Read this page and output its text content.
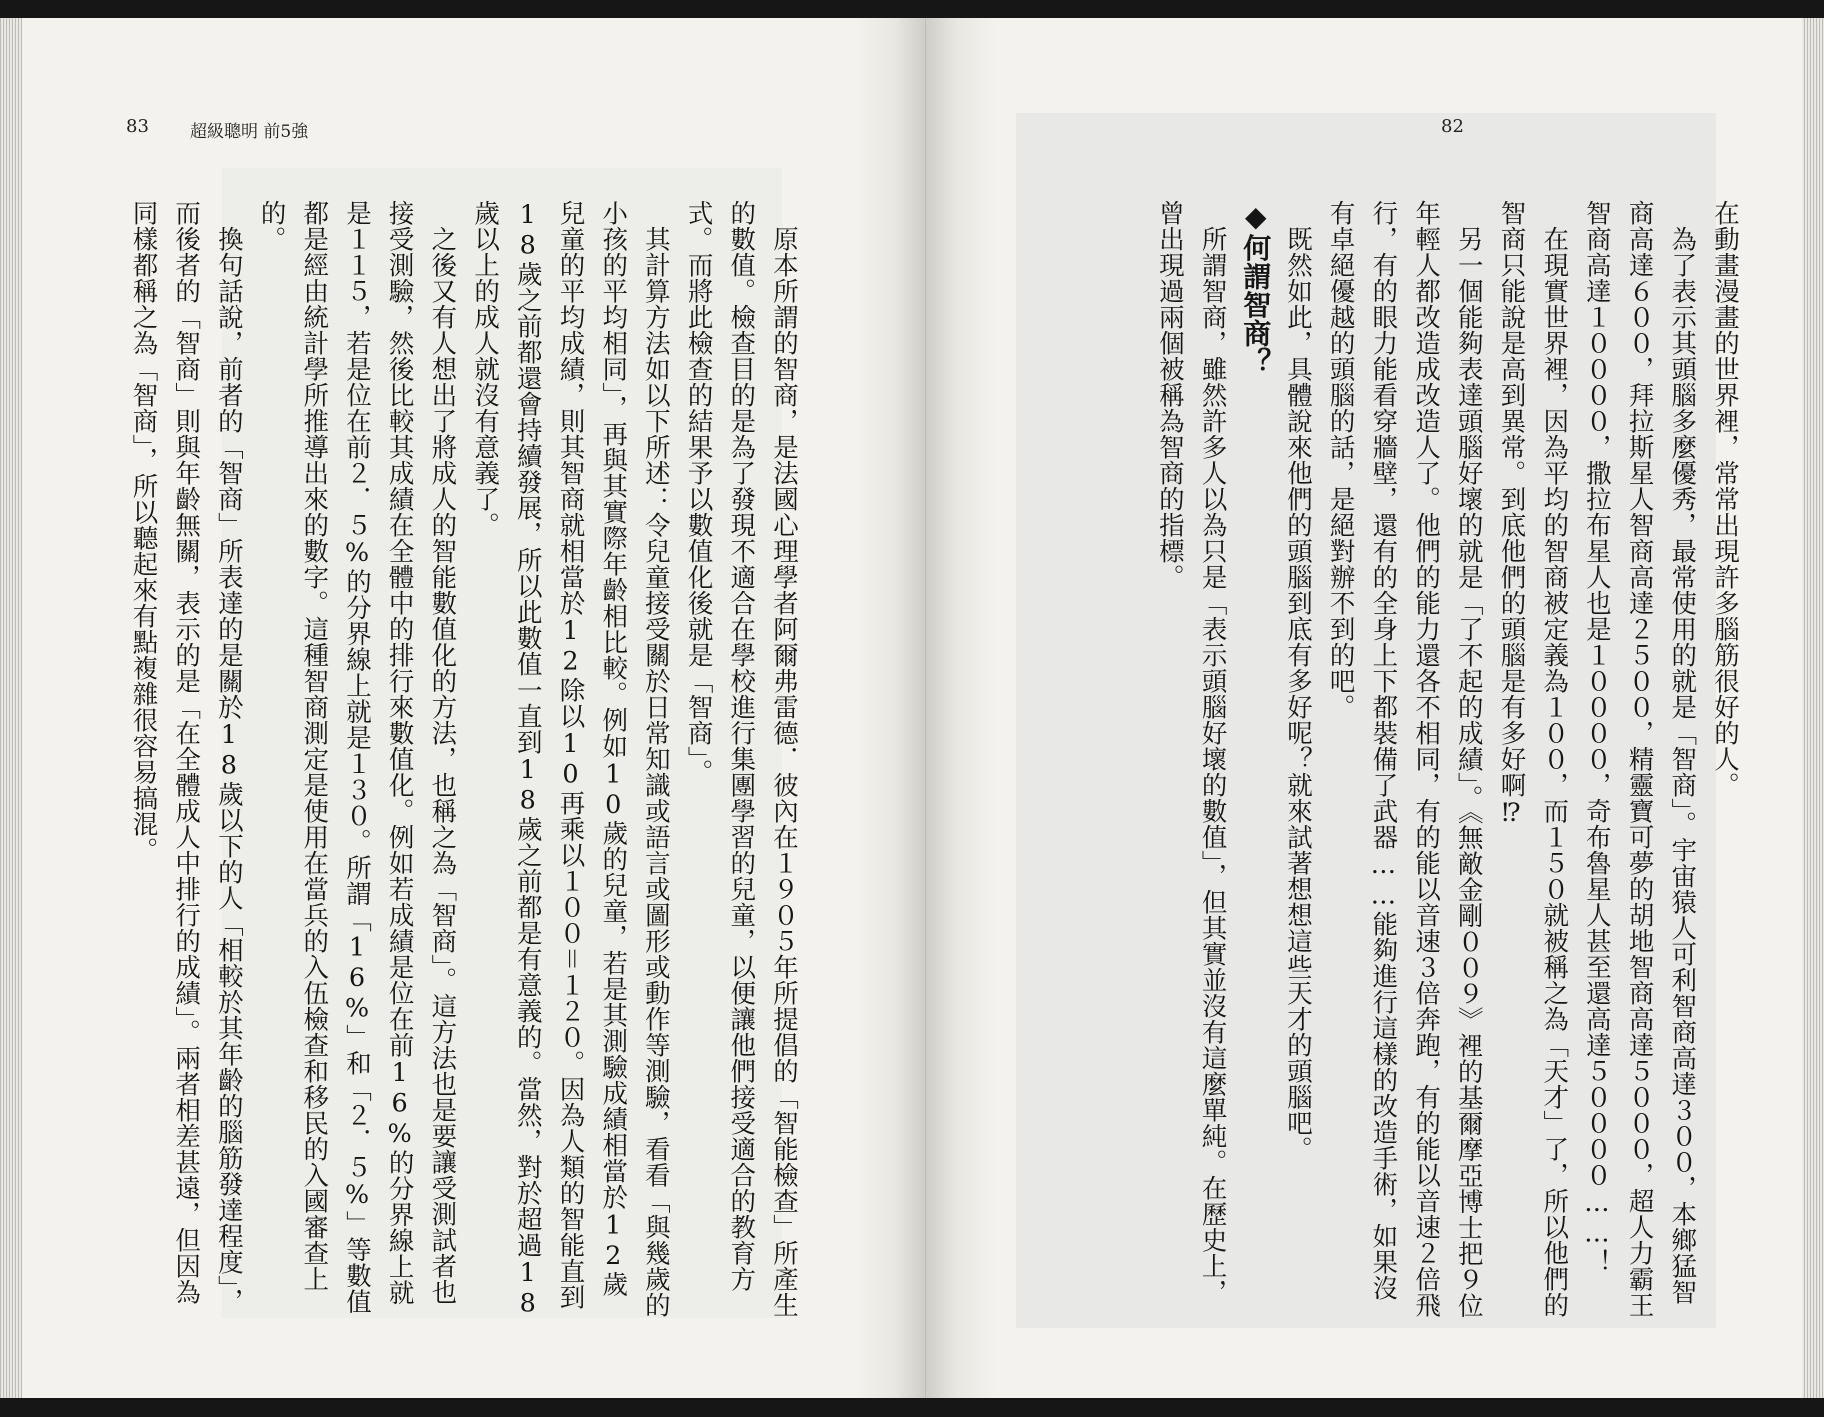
83 超級聰明 前5強

原本所謂的智商，是法國心理學者阿爾弗雷德．彼內在１９０５年所提倡的「智能檢查」所產生的數值。檢查目的是為了發現不適合在學校進行集團學習的兒童，以便讓他們接受適合的教育方式。而將此檢查的結果予以數值化後就是「智商」。

其計算方法如以下所述：令兒童接受關於日常知識或語言或圖形或動作等測驗，看看「與幾歲的小孩的平均相同」，再與其實際年齡相比較。例如10歲的兒童，若是其測驗成績相當於12歲兒童的平均成績，則其智商就相當於12除以10再乘以１００＝１２０。因為人類的智能直到18歲之前都還會持續發展，所以此數值一直到18歲之前都是有意義的。當然，對於超過18歲以上的成人就沒有意義了。

之後又有人想出了將成人的智能數值化的方法，也稱之為「智商」。這方法也是要讓受測試者也接受測驗，然後比較其成績在全體中的排行來數值化。例如若成績是位在前16%的分界線上就是１１５，若是位在前２．５%的分界線上就是１３０。所謂「16%」和「２．５%」等數值都是經由統計學所推導出來的數字。這種智商測定是使用在當兵的入伍檢查和移民的入國審查上的。

換句話說，前者的「智商」所表達的是關於18歲以下的人「相較於其年齡的腦筋發達程度」，而後者的「智商」則與年齡無關，表示的是「在全體成人中排行的成績」。兩者相差甚遠，但因為同樣都稱之為「智商」，所以聽起來有點複雜很容易搞混。

82

在動畫漫畫的世界裡，常常出現許多腦筋很好的人。

為了表示其頭腦多麼優秀，最常使用的就是「智商」。宇宙猿人可利智商高達３００，本鄉猛智商高達６００，拜拉斯星人智商高達２５００，精靈寶可夢的胡地智商高達５０００，超人力霸王智商高達１００００，撒拉布星人也是１００００，奇布魯星人甚至還高達５００００……！

在現實世界裡，因為平均的智商被定義為１００，而１５０就被稱之為「天才」了，所以他們的智商只能說是高到異常。到底他們的頭腦是有多好啊⁉

另一個能夠表達頭腦好壞的就是「了不起的成績」。《無敵金剛００９》裡的基爾摩亞博士把９位年輕人都改造成改造人了。他們的能力還各不相同，有的能以音速３倍奔跑，有的能以音速２倍飛行，有的眼力能看穿牆壁，還有的全身上下都裝備了武器……能夠進行這樣的改造手術，如果沒有卓絕優越的頭腦的話，是絕對辦不到的吧。

既然如此，具體說來他們的頭腦到底有多好呢？就來試著想想這些天才的頭腦吧。

◆何謂智商？

所謂智商，雖然許多人以為只是「表示頭腦好壞的數值」，但其實並沒有這麼單純。在歷史上，曾出現過兩個被稱為智商的指標。
